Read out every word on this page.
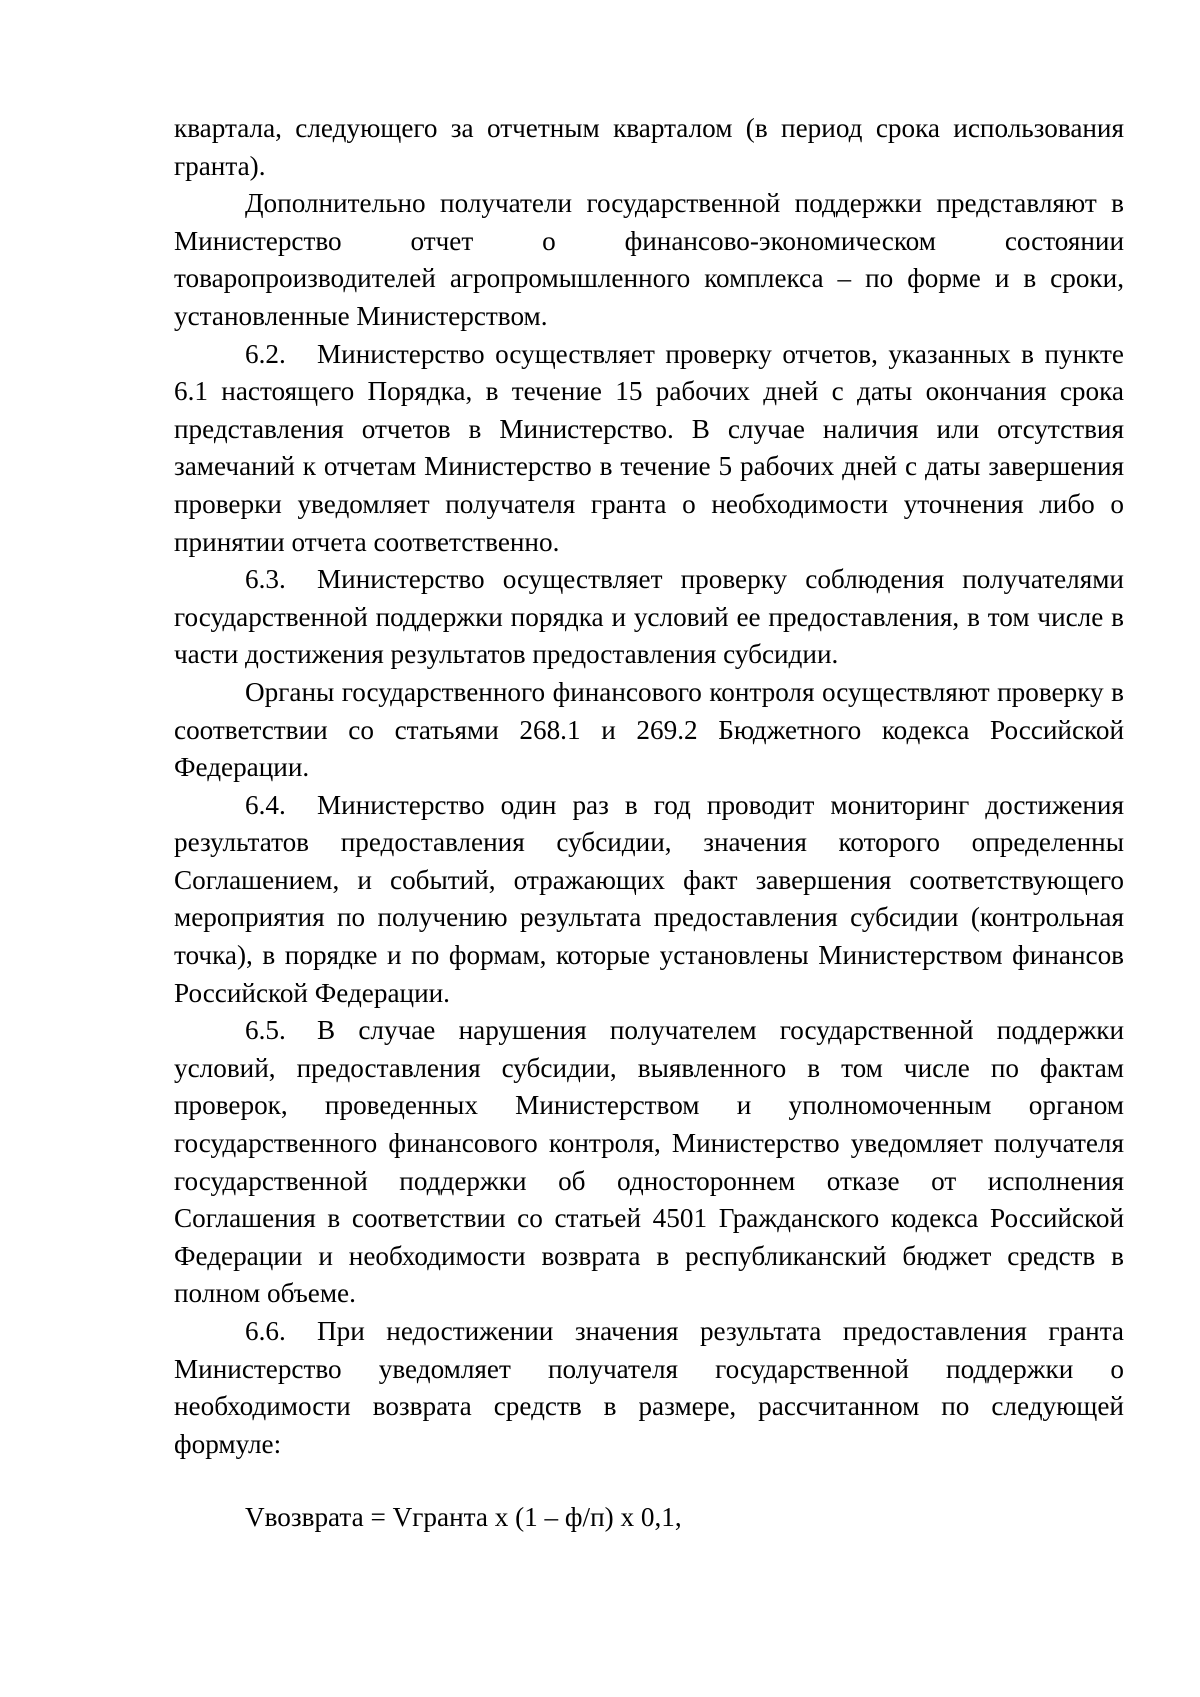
квартала, следующего за отчетным кварталом (в период срока использования гранта).

Дополнительно получатели государственной поддержки представляют в Министерство отчет о финансово-экономическом состоянии товаропроизводителей агропромышленного комплекса – по форме и в сроки, установленные Министерством.

6.2. Министерство осуществляет проверку отчетов, указанных в пункте 6.1 настоящего Порядка, в течение 15 рабочих дней с даты окончания срока представления отчетов в Министерство. В случае наличия или отсутствия замечаний к отчетам Министерство в течение 5 рабочих дней с даты завершения проверки уведомляет получателя гранта о необходимости уточнения либо о принятии отчета соответственно.

6.3. Министерство осуществляет проверку соблюдения получателями государственной поддержки порядка и условий ее предоставления, в том числе в части достижения результатов предоставления субсидии.

Органы государственного финансового контроля осуществляют проверку в соответствии со статьями 268.1 и 269.2 Бюджетного кодекса Российской Федерации.

6.4. Министерство один раз в год проводит мониторинг достижения результатов предоставления субсидии, значения которого определенны Соглашением, и событий, отражающих факт завершения соответствующего мероприятия по получению результата предоставления субсидии (контрольная точка), в порядке и по формам, которые установлены Министерством финансов Российской Федерации.

6.5. В случае нарушения получателем государственной поддержки условий, предоставления субсидии, выявленного в том числе по фактам проверок, проведенных Министерством и уполномоченным органом государственного финансового контроля, Министерство уведомляет получателя государственной поддержки об одностороннем отказе от исполнения Соглашения в соответствии со статьей 4501 Гражданского кодекса Российской Федерации и необходимости возврата в республиканский бюджет средств в полном объеме.

6.6. При недостижении значения результата предоставления гранта Министерство уведомляет получателя государственной поддержки о необходимости возврата средств в размере, рассчитанном по следующей формуле:

Vвозврата = Vгранта x (1 – ф/п) x 0,1,
